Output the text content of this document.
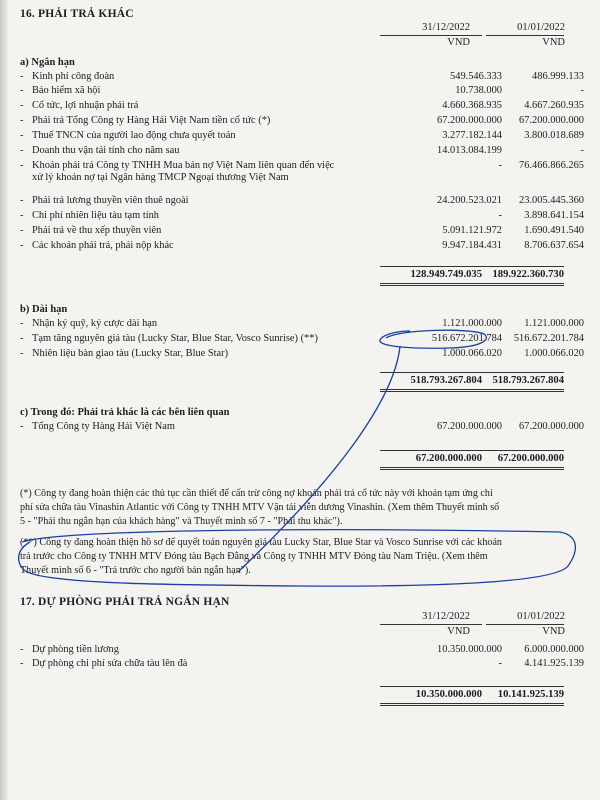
16. PHẢI TRẢ KHÁC
31/12/2022	01/01/2022
VND	VND
a) Ngắn hạn
- Kinh phí công đoàn	549.546.333	486.999.133
- Bảo hiểm xã hội	10.738.000	-
- Cổ tức, lợi nhuận phải trả	4.660.368.935	4.667.260.935
- Phải trả Tổng Công ty Hàng Hải Việt Nam tiền cổ tức (*)	67.200.000.000	67.200.000.000
- Thuế TNCN của người lao động chưa quyết toán	3.277.182.144	3.800.018.689
- Doanh thu vận tải tính cho năm sau	14.013.084.199	-
- Khoản phải trả Công ty TNHH Mua bán nợ Việt Nam liên quan đến việc
xử lý khoản nợ tại Ngân hàng TMCP Ngoại thương Việt Nam
-	76.466.866.265
- Phải trả lương thuyền viên thuê ngoài	24.200.523.021	23.005.445.360
- Chi phí nhiên liệu tàu tạm tính	-	3.898.641.154
- Phải trả về thu xếp thuyền viên	5.091.121.972	1.690.491.540
- Các khoản phải trả, phải nộp khác	9.947.184.431	8.706.637.654
128.949.749.035 189.922.360.730
b) Dài hạn
- Nhận ký quỹ, ký cược dài hạn	1.121.000.000	1.121.000.000
- Tạm tăng nguyên giá tàu (Lucky Star, Blue Star, Vosco Sunrise) (**)	516.672.201.784	516.672.201.784
- Nhiên liệu bàn giao tàu (Lucky Star, Blue Star)	1.000.066.020	1.000.066.020
518.793.267.804 518.793.267.804
c) Trong đó: Phải trả khác là các bên liên quan
- Tổng Công ty Hàng Hải Việt Nam	67.200.000.000	67.200.000.000
67.200.000.000	67.200.000.000
(*) Công ty đang hoàn thiện các thủ tục cần thiết để cấn trừ công nợ khoản phải trả cổ tức này với khoản tạm ứng chi
phí sửa chữa tàu Vinashin Atlantic với Công ty TNHH MTV Vận tải viễn dương Vinashin. (Xem thêm Thuyết minh số
5 - "Phải thu ngắn hạn của khách hàng" và Thuyết minh số 7 - "Phải thu khác").
(**) Công ty đang hoàn thiện hồ sơ để quyết toán nguyên giá tàu Lucky Star, Blue Star và Vosco Sunrise với các khoản
trả trước cho Công ty TNHH MTV Đóng tàu Bạch Đằng và Công ty TNHH MTV Đóng tàu Nam Triệu. (Xem thêm
Thuyết minh số 6 - "Trả trước cho người bán ngắn hạn").
17. DỰ PHÒNG PHẢI TRẢ NGẮN HẠN
31/12/2022	01/01/2022
VND	VND
- Dự phòng tiền lương	10.350.000.000	6.000.000.000
- Dự phòng chi phí sửa chữa tàu lên đà	-	4.141.925.139
10.350.000.000	10.141.925.139
